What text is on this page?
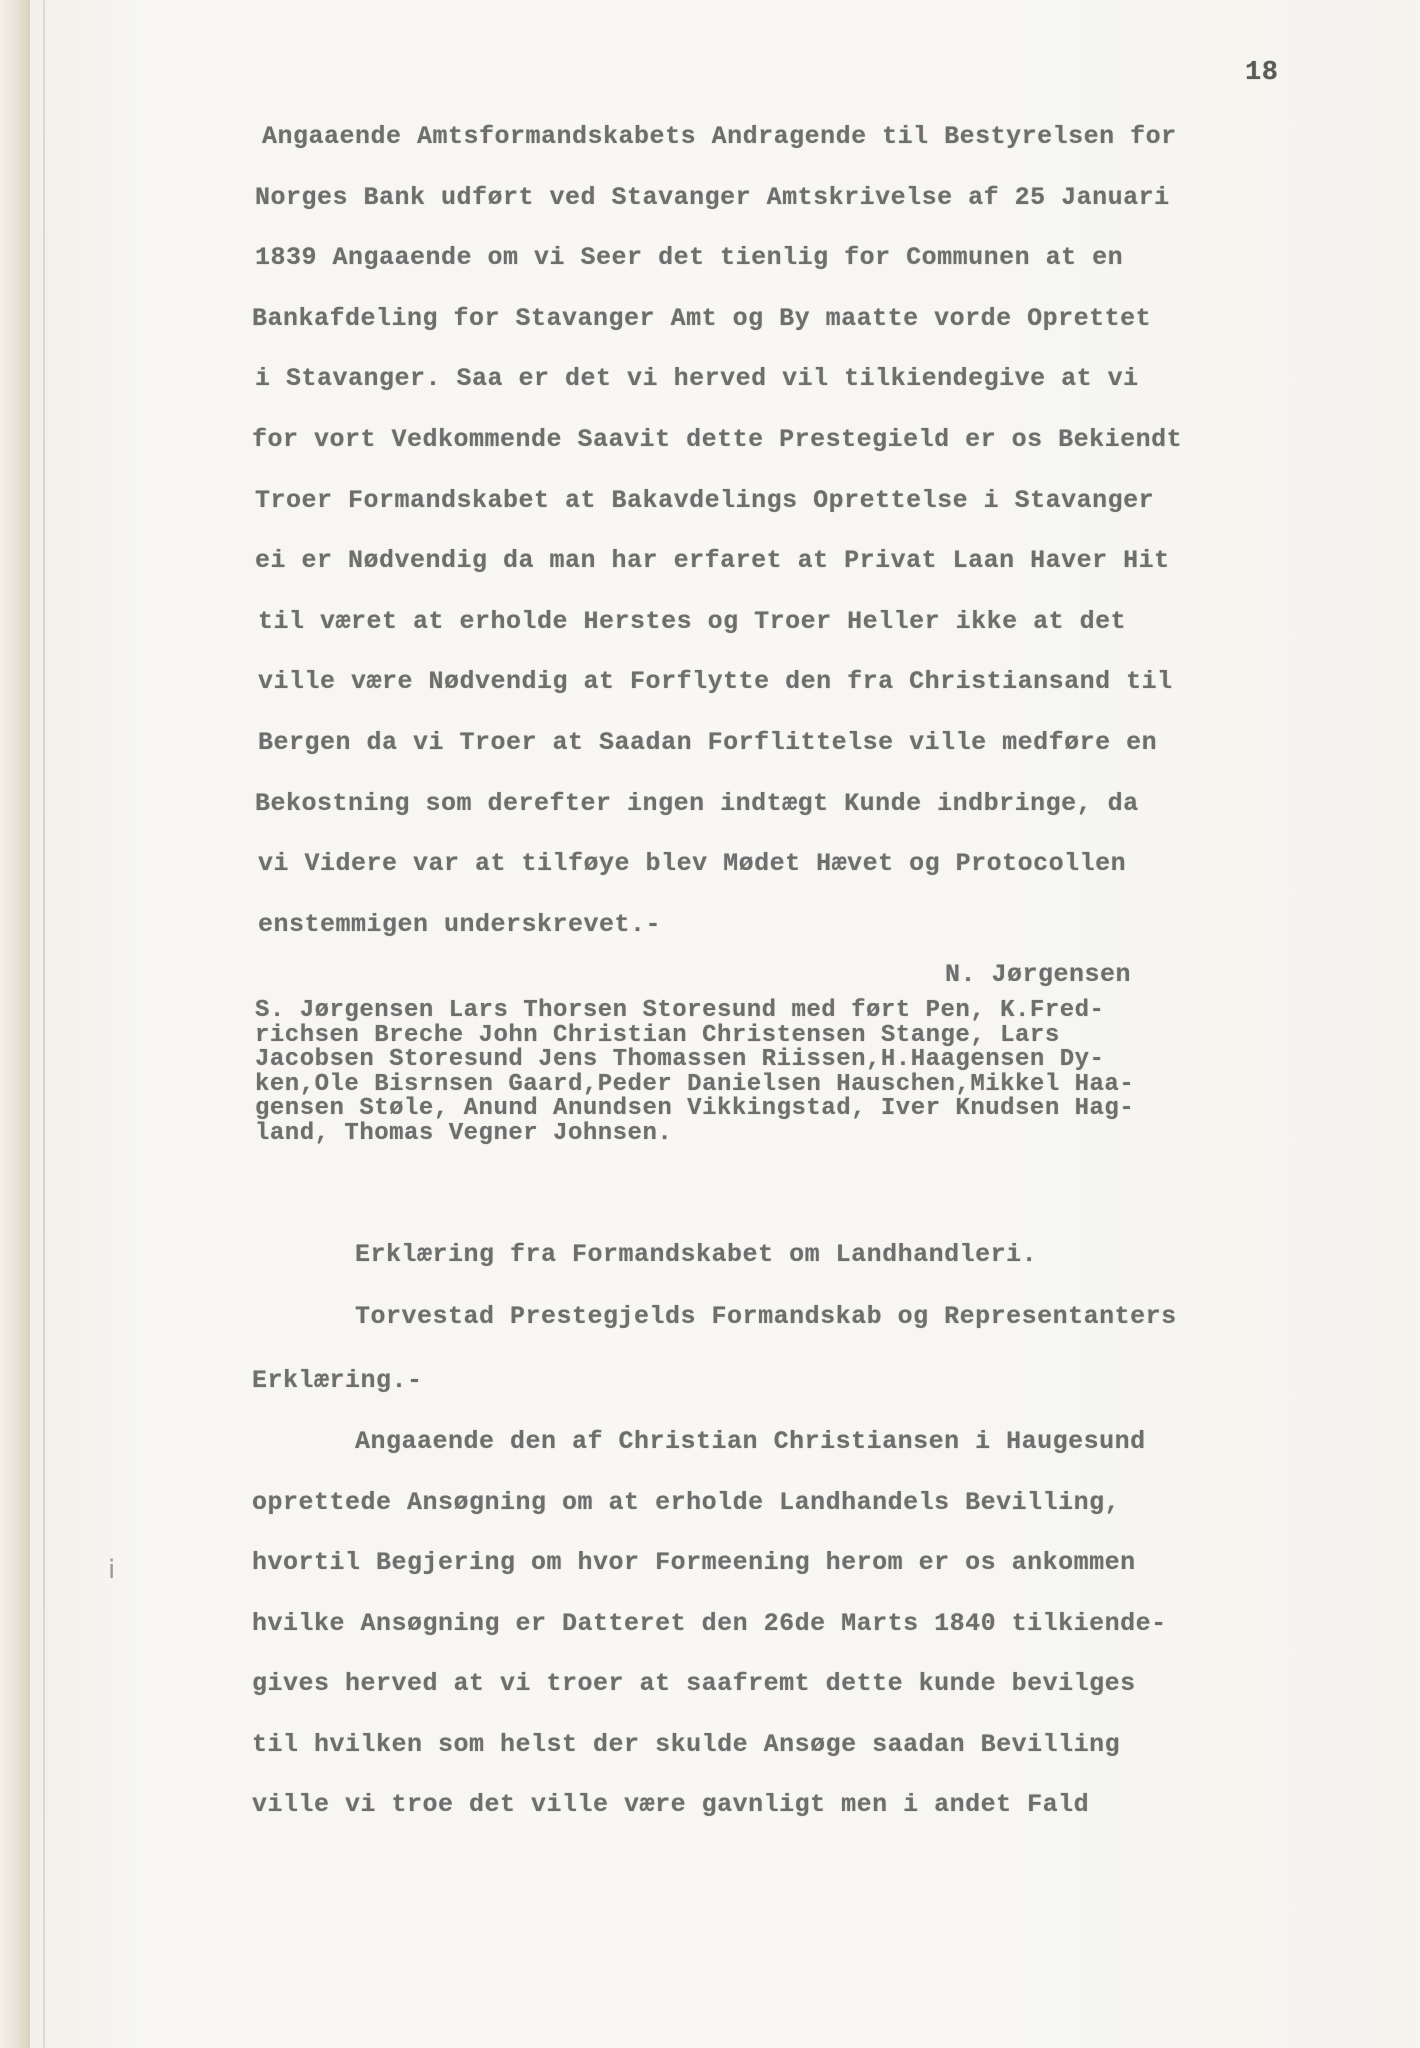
18
Angaaende Amtsformandskabets Andragende til Bestyrelsen for
Norges Bank udført ved Stavanger Amtskrivelse af 25 Januari
1839 Angaaende om vi Seer det tienlig for Communen at en
Bankafdeling for Stavanger Amt og By maatte vorde Oprettet
i Stavanger. Saa er det vi herved vil tilkiendegive at vi
for vort Vedkommende Saavit dette Prestegield er os Bekiendt
Troer Formandskabet at Bakavdelings Oprettelse i Stavanger
ei er Nødvendig da man har erfaret at Privat Laan Haver Hit
til været at erholde Herstes og Troer Heller ikke at det
ville være Nødvendig at Forflytte den fra Christiansand til
Bergen da vi Troer at Saadan Forflittelse ville medføre en
Bekostning som derefter ingen indtægt Kunde indbringe, da
vi Videre var at tilføye blev Mødet Hævet og Protocollen
enstemmigen underskrevet.-
N. Jørgensen
S. Jørgensen Lars Thorsen Storesund med ført Pen, K.Fred-
richsen Breche John Christian Christensen Stange, Lars
Jacobsen Storesund Jens Thomassen Riissen,H.Haagensen Dy-
ken,Ole Bisrnsen Gaard,Peder Danielsen Hauschen,Mikkel Haa-
gensen Støle, Anund Anundsen Vikkingstad, Iver Knudsen Hag-
land, Thomas Vegner Johnsen.
Erklæring fra Formandskabet om Landhandleri.
Torvestad Prestegjelds Formandskab og Representanters
Erklæring.-
Angaaende den af Christian Christiansen i Haugesund
oprettede Ansøgning om at erholde Landhandels Bevilling,
hvortil Begjering om hvor Formeening herom er os ankommen
hvilke Ansøgning er Datteret den 26de Marts 1840 tilkiende-
gives herved at vi troer at saafremt dette kunde bevilges
til hvilken som helst der skulde Ansøge saadan Bevilling
ville vi troe det ville være gavnligt men i andet Fald
ⅰ
